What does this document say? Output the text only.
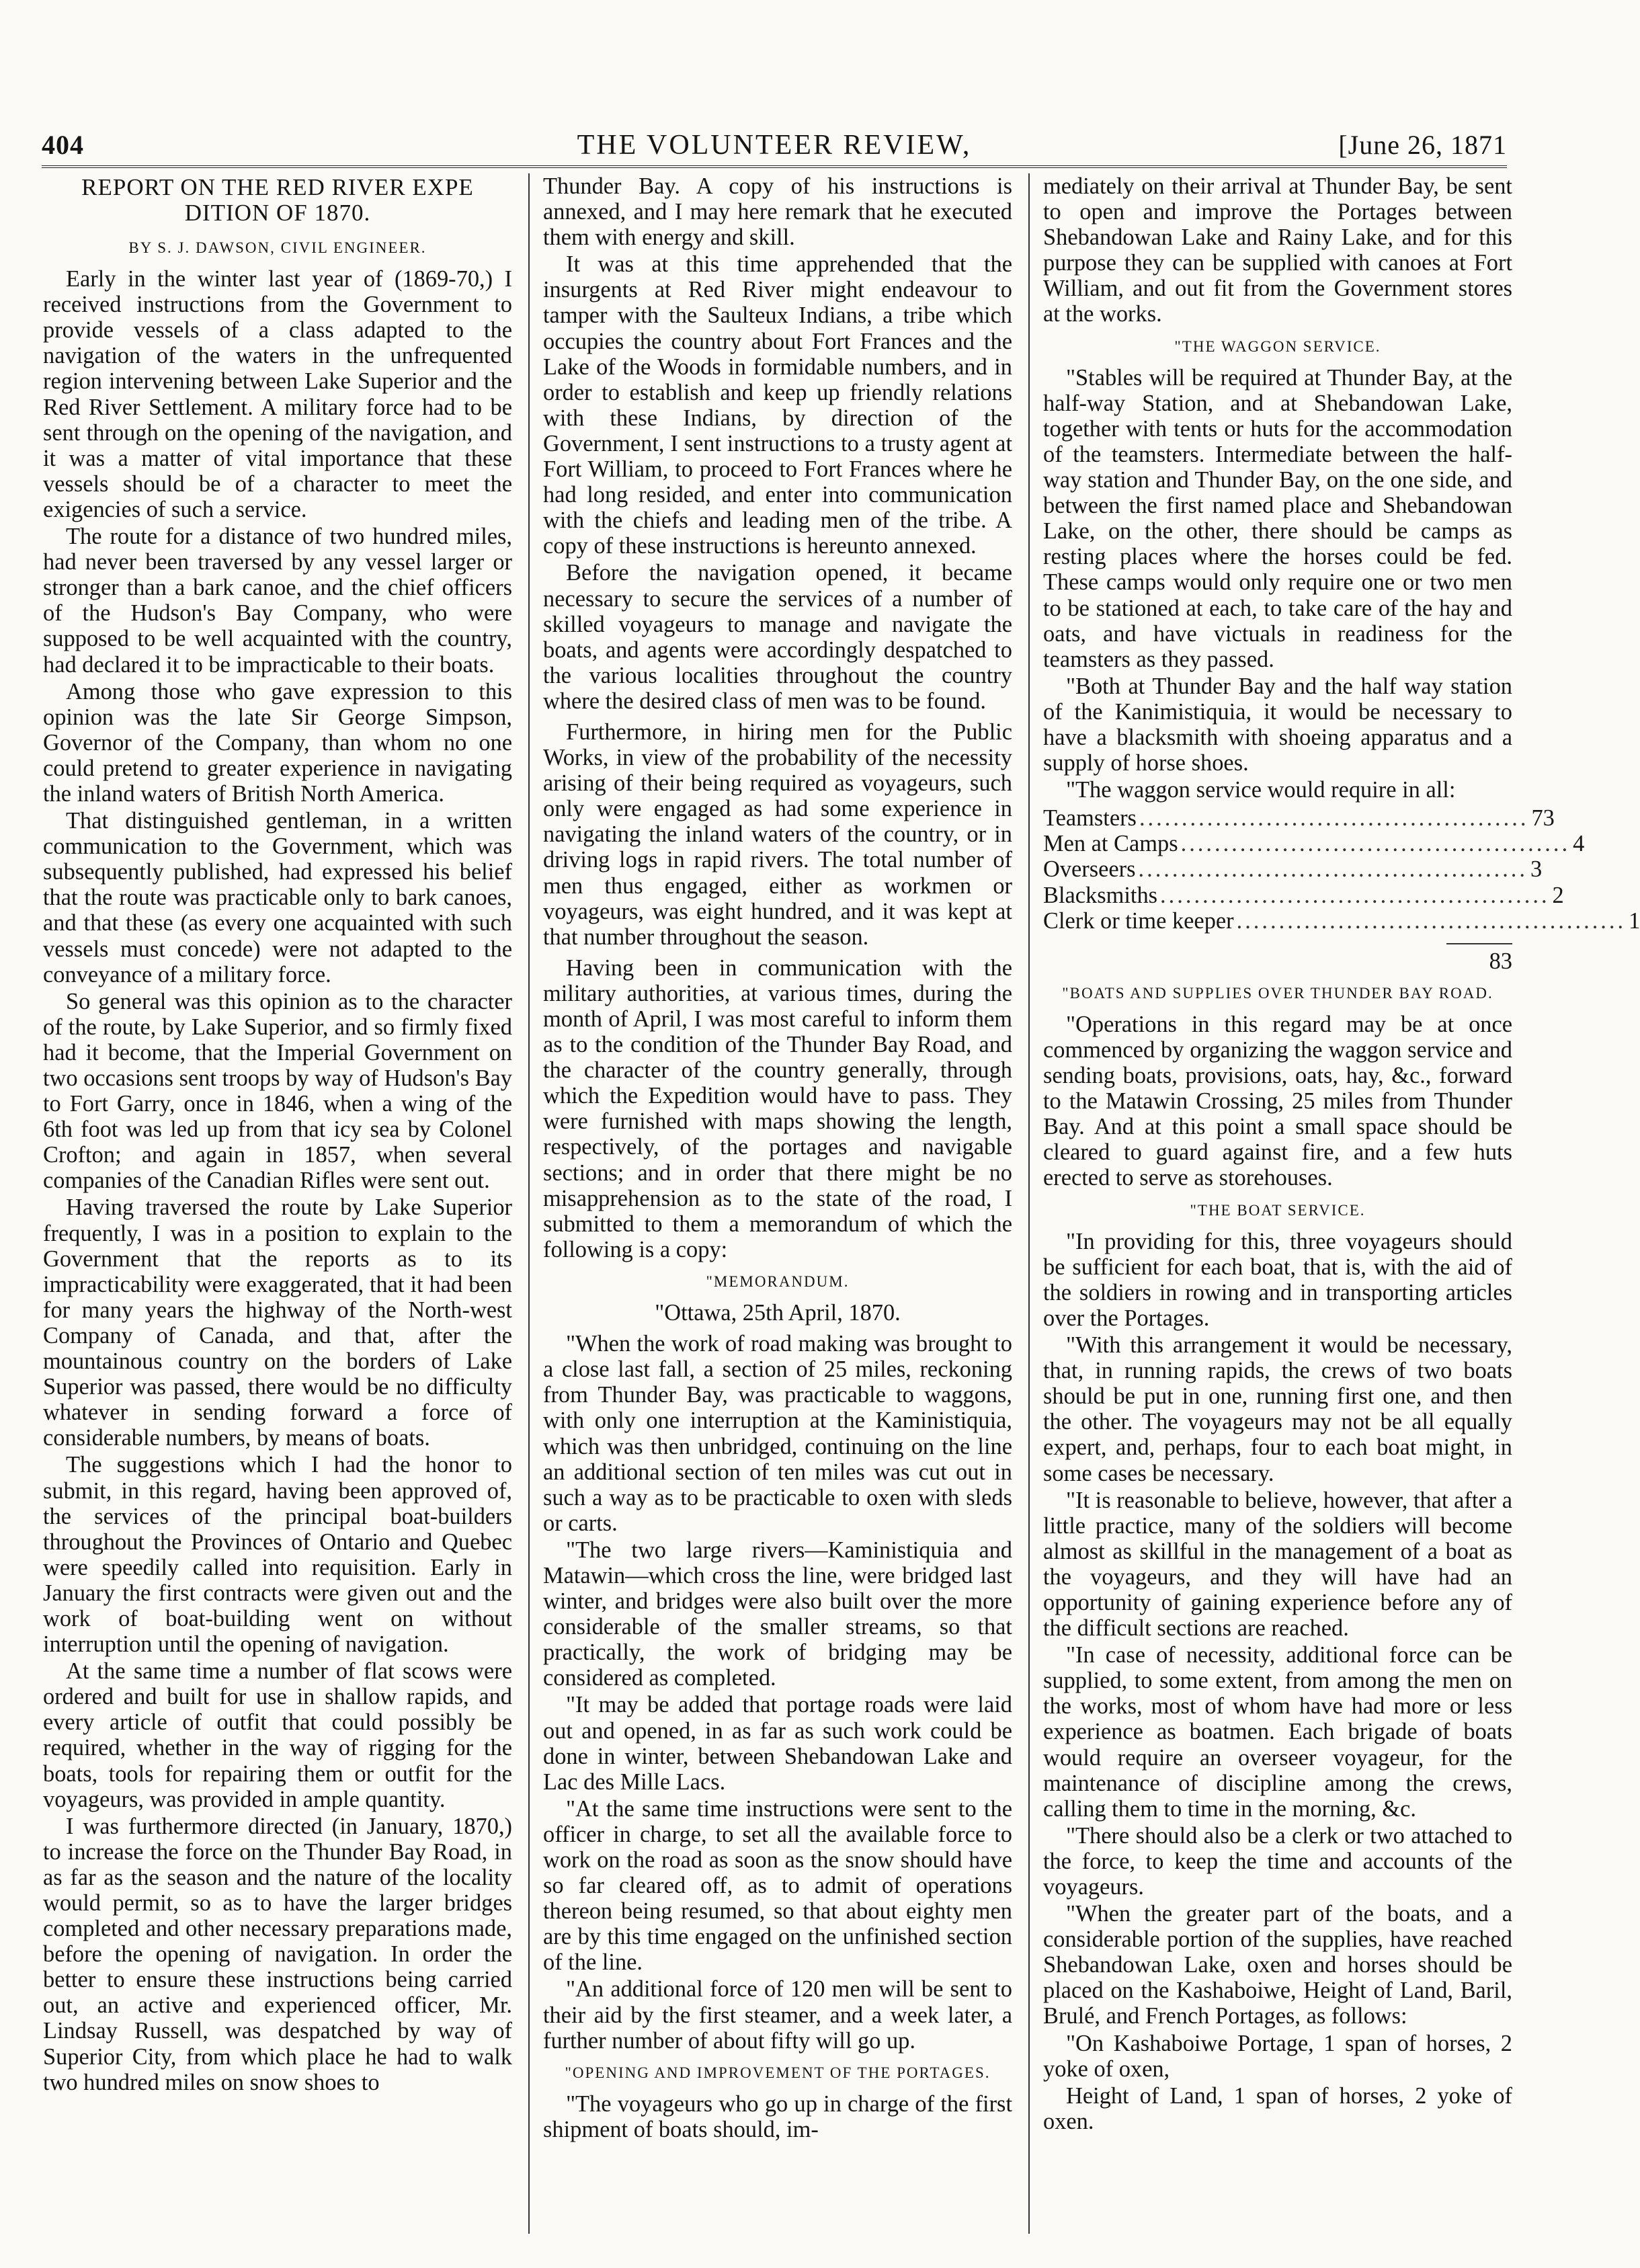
404	THE VOLUNTEER REVIEW,	[June 26, 1871
REPORT ON THE RED RIVER EXPE DITION OF 1870.
BY S. J. DAWSON, CIVIL ENGINEER.

Early in the winter last year of (1869-70,) I received instructions from the Government to provide vessels of a class adapted to the navigation of the waters in the unfrequented region intervening between Lake Superior and the Red River Settlement. A military force had to be sent through on the opening of the navigation, and it was a matter of vital importance that these vessels should be of a character to meet the exigencies of such a service.

The route for a distance of two hundred miles, had never been traversed by any vessel larger or stronger than a bark canoe, and the chief officers of the Hudson's Bay Company, who were supposed to be well acquainted with the country, had declared it to be impracticable to their boats.

Among those who gave expression to this opinion was the late Sir George Simpson, Governor of the Company, than whom no one could pretend to greater experience in navigating the inland waters of British North America.

That distinguished gentleman, in a written communication to the Government, which was subsequently published, had expressed his belief that the route was practicable only to bark canoes, and that these (as every one acquainted with such vessels must concede) were not adapted to the conveyance of a military force.

So general was this opinion as to the character of the route, by Lake Superior, and so firmly fixed had it become, that the Imperial Government on two occasions sent troops by way of Hudson's Bay to Fort Garry, once in 1846, when a wing of the 6th foot was led up from that icy sea by Colonel Crofton; and again in 1857, when several companies of the Canadian Rifles were sent out.

Having traversed the route by Lake Superior frequently, I was in a position to explain to the Government that the reports as to its impracticability were exaggerated, that it had been for many years the highway of the North-west Company of Canada, and that, after the mountainous country on the borders of Lake Superior was passed, there would be no difficulty whatever in sending forward a force of considerable numbers, by means of boats.

The suggestions which I had the honor to submit, in this regard, having been approved of, the services of the principal boat-builders throughout the Provinces of Ontario and Quebec were speedily called into requisition. Early in January the first contracts were given out and the work of boat-building went on without interruption until the opening of navigation.

At the same time a number of flat scows were ordered and built for use in shallow rapids, and every article of outfit that could possibly be required, whether in the way of rigging for the boats, tools for repairing them or outfit for the voyageurs, was provided in ample quantity.

I was furthermore directed (in January, 1870,) to increase the force on the Thunder Bay Road, in as far as the season and the nature of the locality would permit, so as to have the larger bridges completed and other necessary preparations made, before the opening of navigation. In order the better to ensure these instructions being carried out, an active and experienced officer, Mr. Lindsay Russell, was despatched by way of Superior City, from which place he had to walk two hundred miles on snow shoes to

Thunder Bay. A copy of his instructions is annexed, and I may here remark that he executed them with energy and skill.

It was at this time apprehended that the insurgents at Red River might endeavour to tamper with the Saulteux Indians, a tribe which occupies the country about Fort Frances and the Lake of the Woods in formidable numbers, and in order to establish and keep up friendly relations with these Indians, by direction of the Government, I sent instructions to a trusty agent at Fort William, to proceed to Fort Frances where he had long resided, and enter into communication with the chiefs and leading men of the tribe. A copy of these instructions is hereunto annexed.

Before the navigation opened, it became necessary to secure the services of a number of skilled voyageurs to manage and navigate the boats, and agents were accordingly despatched to the various localities throughout the country where the desired class of men was to be found.

Furthermore, in hiring men for the Public Works, in view of the probability of the necessity arising of their being required as voyageurs, such only were engaged as had some experience in navigating the inland waters of the country, or in driving logs in rapid rivers. The total number of men thus engaged, either as workmen or voyageurs, was eight hundred, and it was kept at that number throughout the season.

Having been in communication with the military authorities, at various times, during the month of April, I was most careful to inform them as to the condition of the Thunder Bay Road, and the character of the country generally, through which the Expedition would have to pass. They were furnished with maps showing the length, respectively, of the portages and navigable sections; and in order that there might be no misapprehension as to the state of the road, I submitted to them a memorandum of which the following is a copy:

"MEMORANDUM.
"Ottawa, 25th April, 1870.

"When the work of road making was brought to a close last fall, a section of 25 miles, reckoning from Thunder Bay, was practicable to waggons, with only one interruption at the Kaministiquia, which was then unbridged, continuing on the line an additional section of ten miles was cut out in such a way as to be practicable to oxen with sleds or carts.

"The two large rivers—Kaministiquia and Matawin—which cross the line, were bridged last winter, and bridges were also built over the more considerable of the smaller streams, so that practically, the work of bridging may be considered as completed.

"It may be added that portage roads were laid out and opened, in as far as such work could be done in winter, between Shebandowan Lake and Lac des Mille Lacs.

"At the same time instructions were sent to the officer in charge, to set all the available force to work on the road as soon as the snow should have so far cleared off, as to admit of operations thereon being resumed, so that about eighty men are by this time engaged on the unfinished section of the line.

"An additional force of 120 men will be sent to their aid by the first steamer, and a week later, a further number of about fifty will go up.

"OPENING AND IMPROVEMENT OF THE PORTAGES.

"The voyageurs who go up in charge of the first shipment of boats should, im-

mediately on their arrival at Thunder Bay, be sent to open and improve the Portages between Shebandowan Lake and Rainy Lake, and for this purpose they can be supplied with canoes at Fort William, and out fit from the Government stores at the works.

"THE WAGGON SERVICE.

"Stables will be required at Thunder Bay, at the half-way Station, and at Shebandowan Lake, together with tents or huts for the accommodation of the teamsters. Intermediate between the half-way station and Thunder Bay, on the one side, and between the first named place and Shebandowan Lake, on the other, there should be camps as resting places where the horses could be fed. These camps would only require one or two men to be stationed at each, to take care of the hay and oats, and have victuals in readiness for the teamsters as they passed.

"Both at Thunder Bay and the half way station of the Kanimistiquia, it would be necessary to have a blacksmith with shoeing apparatus and a supply of horse shoes.

"The waggon service would require in all:

Teamsters .............................................. 73
Men at Camps .............................................. 4
Overseers .............................................. 3
Blacksmiths .............................................. 2
Clerk or time keeper .............................................. 1
83
"BOATS AND SUPPLIES OVER THUNDER BAY ROAD.

"Operations in this regard may be at once commenced by organizing the waggon service and sending boats, provisions, oats, hay, &c., forward to the Matawin Crossing, 25 miles from Thunder Bay. And at this point a small space should be cleared to guard against fire, and a few huts erected to serve as storehouses.

"THE BOAT SERVICE.

"In providing for this, three voyageurs should be sufficient for each boat, that is, with the aid of the soldiers in rowing and in transporting articles over the Portages.

"With this arrangement it would be necessary, that, in running rapids, the crews of two boats should be put in one, running first one, and then the other. The voyageurs may not be all equally expert, and, perhaps, four to each boat might, in some cases be necessary.

"It is reasonable to believe, however, that after a little practice, many of the soldiers will become almost as skillful in the management of a boat as the voyageurs, and they will have had an opportunity of gaining experience before any of the difficult sections are reached.

"In case of necessity, additional force can be supplied, to some extent, from among the men on the works, most of whom have had more or less experience as boatmen. Each brigade of boats would require an overseer voyageur, for the maintenance of discipline among the crews, calling them to time in the morning, &c.

"There should also be a clerk or two attached to the force, to keep the time and accounts of the voyageurs.

"When the greater part of the boats, and a considerable portion of the supplies, have reached Shebandowan Lake, oxen and horses should be placed on the Kashaboiwe, Height of Land, Baril, Brulé, and French Portages, as follows:

"On Kashaboiwe Portage, 1 span of horses, 2 yoke of oxen,

Height of Land, 1 span of horses, 2 yoke of oxen.
